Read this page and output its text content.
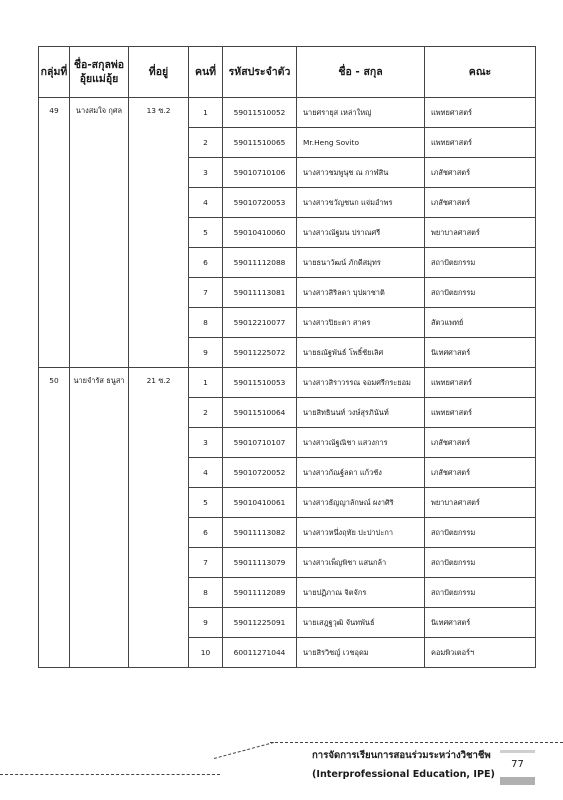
กลุ่มที่	ชื่อ-สกุลพ่ออุ้ยแม่อุ้ย	ที่อยู่	คนที่	รหัสประจำตัว	ชื่อ - สกุล	คณะ
49	นางสมใจ กุศล	13 ซ.2	1	59011510052	นายศรายุส เหล่าใหญ่	แพทยศาสตร์
			2	59011510065	Mr.Heng Sovito	แพทยศาสตร์
			3	59010710106	นางสาวชมพูนุช ณ กาฬสิน	เภสัชศาสตร์
			4	59010720053	นางสาวขวัญชนก แจ่มอำพร	เภสัชศาสตร์
			5	59010410060	นางสาวณัฐมน ปราณศรี	พยาบาลศาสตร์
			6	59011112088	นายธนาวัฒน์ ภักดีสมุทร	สถาปัตยกรรม
			7	59011113081	นางสาวสิริลดา บุปผาชาติ	สถาปัตยกรรม
			8	59012210077	นางสาวปิยะดา สาคร	สัตวแพทย์
			9	59011225072	นายธณัฐพันธ์ โพธิ์ชัยเลิศ	นิเทศศาสตร์
50	นายจำรัส ธนูสา	21 ซ.2	1	59011510053	นางสาวสิราวรรณ จอมศรีกระยอม	แพทยศาสตร์
			2	59011510064	นายสิทธินนท์ วงษ์สุรภินันท์	แพทยศาสตร์
			3	59010710107	นางสาวณัฐณิชา แสวงการ	เภสัชศาสตร์
			4	59010720052	นางสาวกัณฐ์ลดา แก้วชัง	เภสัชศาสตร์
			5	59010410061	นางสาวธัญญาลักษณ์ ผงาศิริ	พยาบาลศาสตร์
			6	59011113082	นางสาวหนึ่งฤทัย ปะปาปะกา	สถาปัตยกรรม
			7	59011113079	นางสาวเพ็ญพิชา แสนกล้า	สถาปัตยกรรม
			8	59011112089	นายปฏิภาณ จิตจักร	สถาปัตยกรรม
			9	59011225091	นายเสฎฐวุฒิ จันทพันธ์	นิเทศศาสตร์
			10	60011271044	นายสิรวิชญ์ เวชอุดม	คอมพิวเตอร์ฯ
การจัดการเรียนการสอนร่วมระหว่างวิชาชีพ
(Interprofessional Education, IPE)
77
